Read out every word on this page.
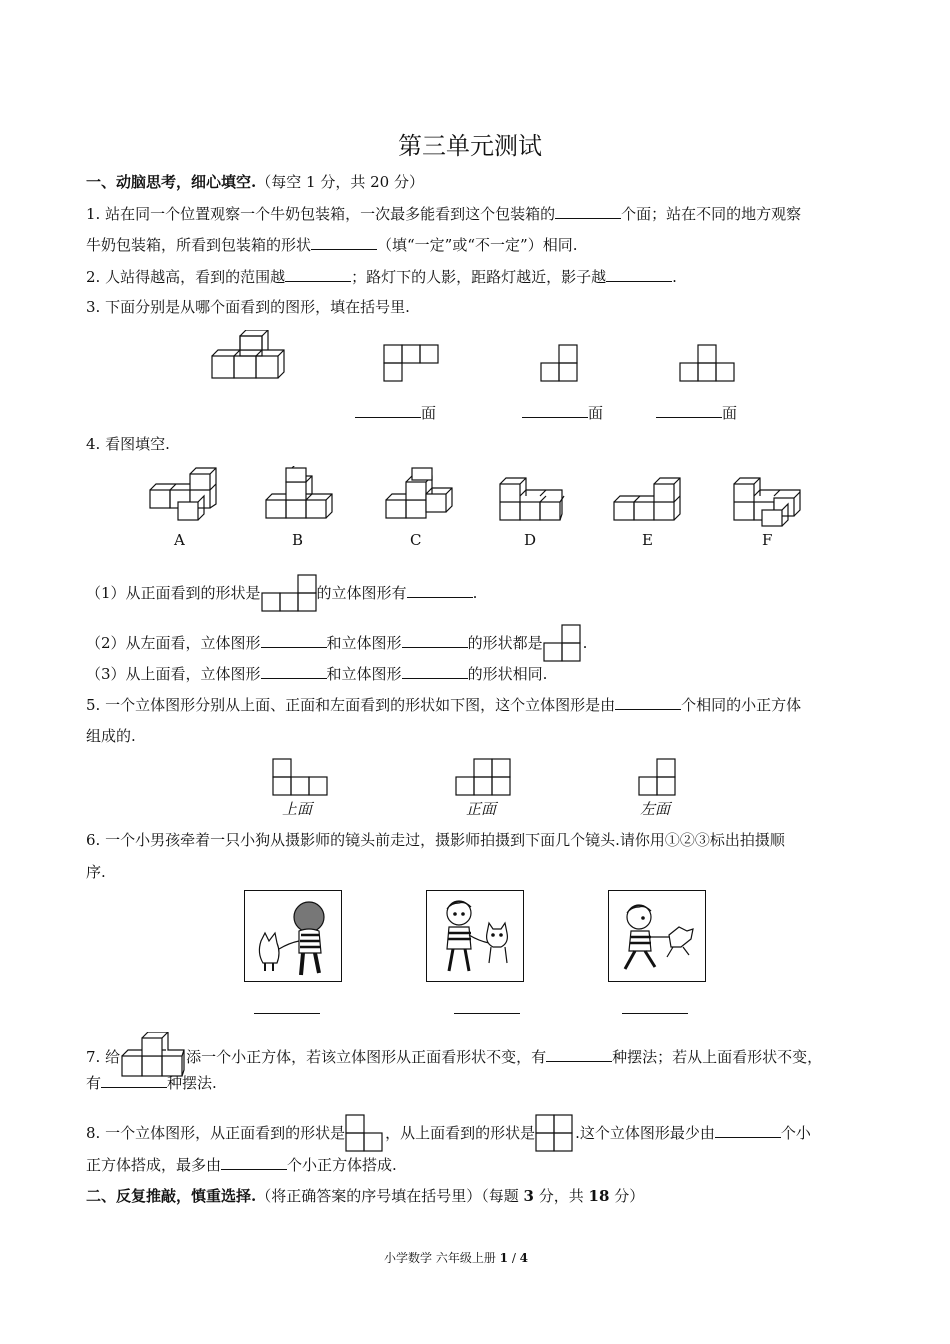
第三单元测试
一、动脑思考，细心填空.（每空 1 分，共 20 分）
1. 站在同一个位置观察一个牛奶包装箱，一次最多能看到这个包装箱的	个面；站在不同的地方观察
牛奶包装箱，所看到包装箱的形状	（填“一定”或“不一定”）相同.
2. 人站得越高，看到的范围越	；路灯下的人影，距路灯越近，影子越	.
3. 下面分别是从哪个面看到的图形，填在括号里.
面	面	面
4. 看图填空.
A	B	C	D	E	F
（1）从正面看到的形状是	的立体图形有	.
（2）从左面看，立体图形	和立体图形	的形状都是	.
（3）从上面看，立体图形	和立体图形	的形状相同.
5. 一个立体图形分别从上面、正面和左面看到的形状如下图，这个立体图形是由	个相同的小正方体
组成的.
上面	正面	左面
6. 一个小男孩牵着一只小狗从摄影师的镜头前走过，摄影师拍摄到下面几个镜头.请你用①②③标出拍摄顺
序.
7. 给	添一个小正方体，若该立体图形从正面看形状不变，有	种摆法；若从上面看形状不变，
有	种摆法.
8. 一个立体图形，从正面看到的形状是	，从上面看到的形状是	.这个立体图形最少由	个小
正方体搭成，最多由	个小正方体搭成.
二、反复推敲，慎重选择.（将正确答案的序号填在括号里）（每题 3 分，共 18 分）
小学数学 六年级上册 1 / 4
